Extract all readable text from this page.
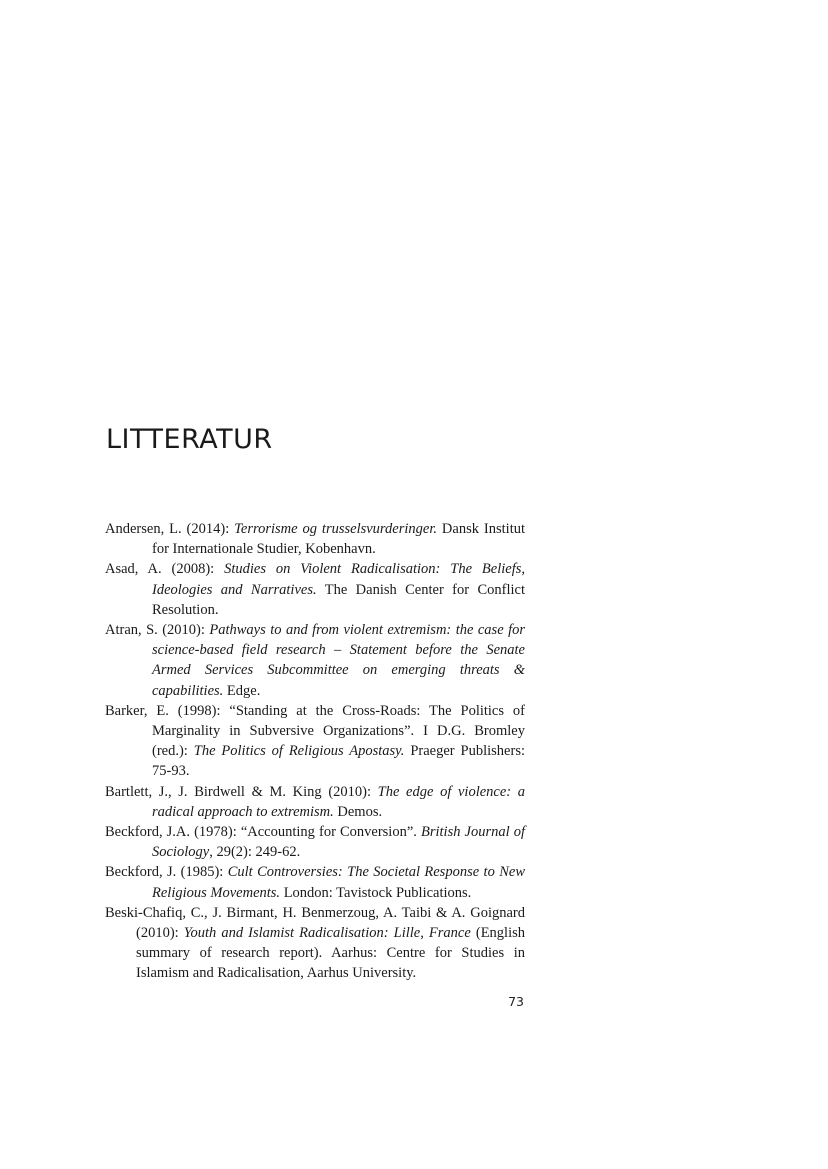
LITTERATUR

Andersen, L. (2014): Terrorisme og trusselsvurderinger. Dansk Institut for Internationale Studier, Kobenhavn.

Asad, A. (2008): Studies on Violent Radicalisation: The Beliefs, Ideologies and Narratives. The Danish Center for Conflict Resolution.

Atran, S. (2010): Pathways to and from violent extremism: the case for science-based field research – Statement before the Senate Armed Services Subcommittee on emerging threats & capabilities. Edge.

Barker, E. (1998): “Standing at the Cross-Roads: The Politics of Marginality in Subversive Organizations”. I D.G. Bromley (red.): The Politics of Religious Apostasy. Praeger Publishers: 75-93.

Bartlett, J., J. Birdwell & M. King (2010): The edge of violence: a radical approach to extremism. Demos.

Beckford, J.A. (1978): “Accounting for Conversion”. British Journal of Sociology, 29(2): 249-62.

Beckford, J. (1985): Cult Controversies: The Societal Response to New Religious Movements. London: Tavistock Publications.

Beski-Chafiq, C., J. Birmant, H. Benmerzoug, A. Taibi & A. Goignard (2010): Youth and Islamist Radicalisation: Lille, France (English summary of research report). Aarhus: Centre for Studies in Islamism and Radicalisation, Aarhus University.

73
